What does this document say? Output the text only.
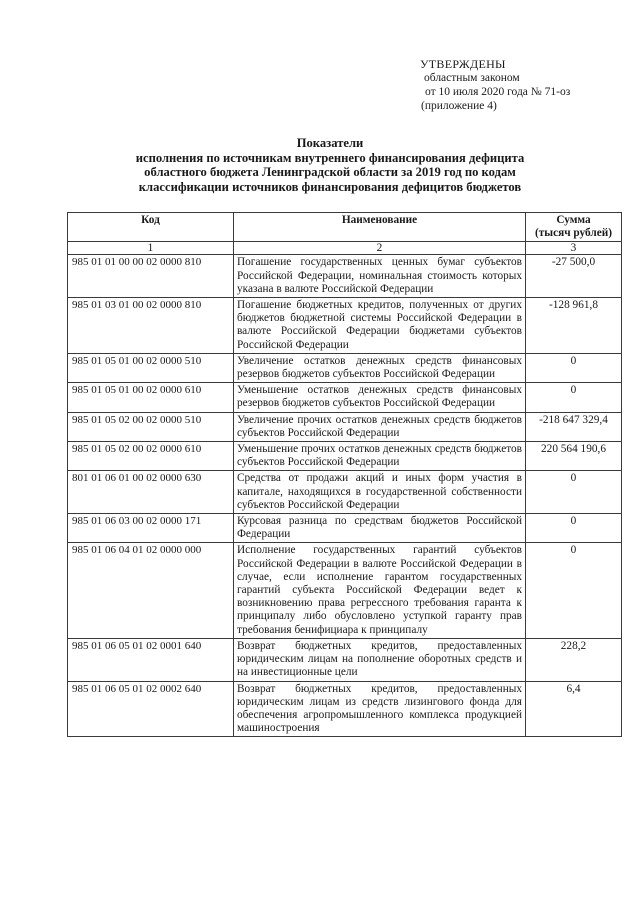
УТВЕРЖДЕНЫ
областным законом
от 10 июля 2020 года № 71-оз
(приложение 4)
Показатели
исполнения по источникам внутреннего финансирования дефицита
областного бюджета Ленинградской области за 2019 год по кодам
классификации источников финансирования дефицитов бюджетов
Код	Наименование	Сумма
(тысяч рублей)

1	2	3
985 01 01 00 00 02 0000 810	Погашение государственных ценных бумаг субъектов Российской Федерации, номинальная стоимость которых указана в валюте Российской Федерации	-27 500,0
985 01 03 01 00 02 0000 810	Погашение бюджетных кредитов, полученных от других бюджетов бюджетной системы Российской Федерации в валюте Российской Федерации бюджетами субъектов Российской Федерации	-128 961,8
985 01 05 01 00 02 0000 510	Увеличение остатков денежных средств финансовых резервов бюджетов субъектов Российской Федерации	0
985 01 05 01 00 02 0000 610	Уменьшение остатков денежных средств финансовых резервов бюджетов субъектов Российской Федерации	0
985 01 05 02 00 02 0000 510	Увеличение прочих остатков денежных средств бюджетов субъектов Российской Федерации	-218 647 329,4
985 01 05 02 00 02 0000 610	Уменьшение прочих остатков денежных средств бюджетов субъектов Российской Федерации	220 564 190,6
801 01 06 01 00 02 0000 630	Средства от продажи акций и иных форм участия в капитале, находящихся в государственной собственности субъектов Российской Федерации	0
985 01 06 03 00 02 0000 171	Курсовая разница по средствам бюджетов Российской Федерации	0
985 01 06 04 01 02 0000 000	Исполнение государственных гарантий субъектов Российской Федерации в валюте Российской Федерации в случае, если исполнение гарантом государственных гарантий субъекта Российской Федерации ведет к возникновению права регрессного требования гаранта к принципалу либо обусловлено уступкой гаранту прав требования бенифициара к принципалу	0
985 01 06 05 01 02 0001 640	Возврат бюджетных кредитов, предоставленных юридическим лицам на пополнение оборотных средств и на инвестиционные цели	228,2
985 01 06 05 01 02 0002 640	Возврат бюджетных кредитов, предоставленных юридическим лицам из средств лизингового фонда для обеспечения агропромышленного комплекса продукцией машиностроения	6,4
